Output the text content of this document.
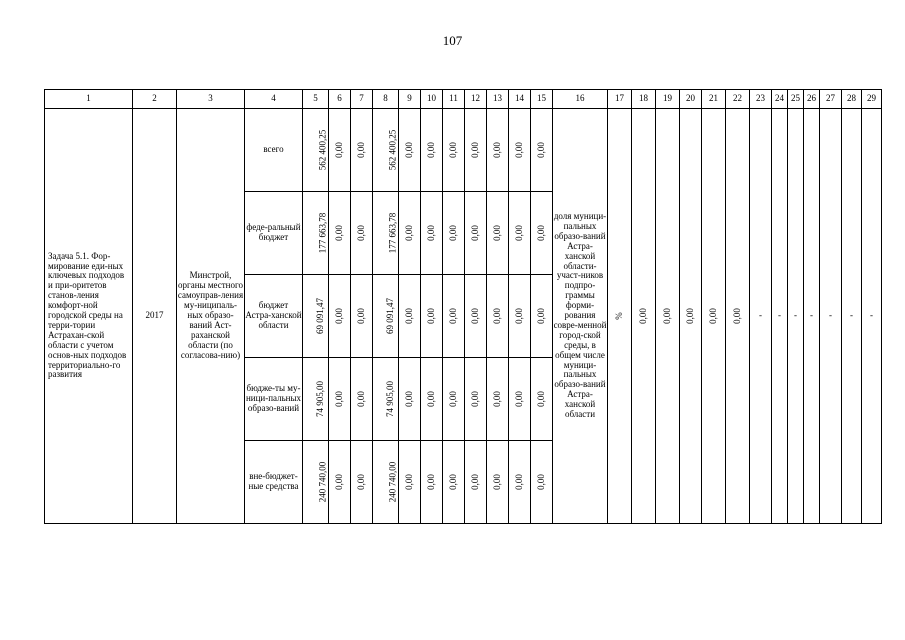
107
1	2	3	4	5	6	7	8	9	10	11	12	13	14	15	16	17	18	19	20	21	22	23	24	25	26	27	28	29
Задача 5.1. Фор-мирование еди-ных ключевых подходов и при-оритетов станов-ления комфорт-ной городской среды на терри-тории Астрахан-ской области с учетом основ-ных подходов территориально-го развития	2017	Минстрой, органы местного самоуправ-ления му-ниципаль-ных образо-ваний Аст-раханской области (по согласова-нию)	всего	562 400,25	0,00	0,00	562 400,25	0,00	0,00	0,00	0,00	0,00	0,00	0,00	доля муници-пальных образо-ваний Астра-ханской области-участ-ников подпро-граммы форми-рования совре-менной город-ской среды, в общем числе муници-пальных образо-ваний Астра-ханской области	%	0,00	0,00	0,00	0,00	0,00	-	-	-	-	-	-	-
			феде-ральный бюджет	177 663,78	0,00	0,00	177 663,78	0,00	0,00	0,00	0,00	0,00	0,00	0,00														
			бюджет Астра-ханской области	69 091,47	0,00	0,00	69 091,47	0,00	0,00	0,00	0,00	0,00	0,00	0,00														
			бюдже-ты му-ници-пальных образо-ваний	74 905,00	0,00	0,00	74 905,00	0,00	0,00	0,00	0,00	0,00	0,00	0,00														
			вне-бюджет-ные средства	240 740,00	0,00	0,00	240 740,00	0,00	0,00	0,00	0,00	0,00	0,00	0,00														
